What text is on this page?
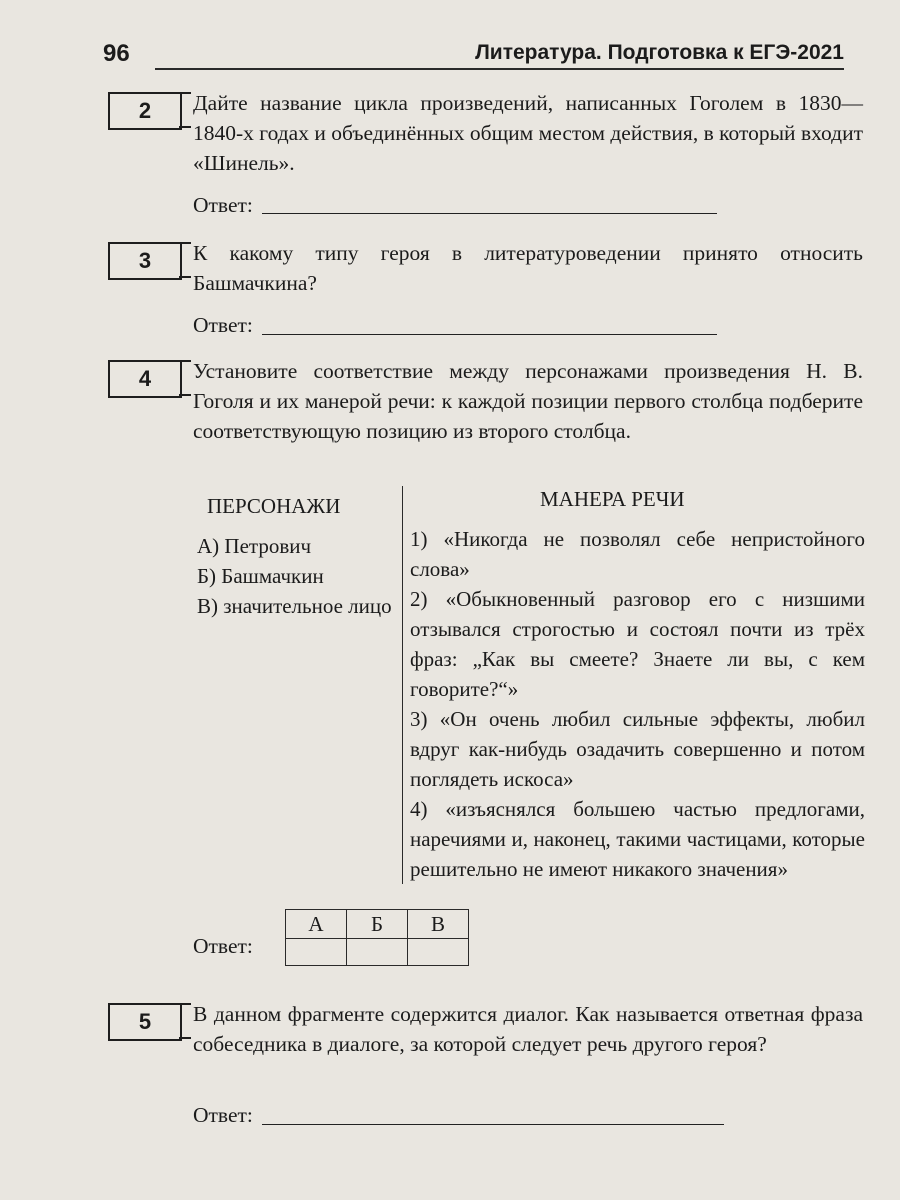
96	Литература. Подготовка к ЕГЭ-2021
2	Дайте название цикла произведений, написанных Гоголем в 1830—1840-х годах и объединённых общим местом действия, в который входит «Шинель».
Ответ:
3	К какому типу героя в литературоведении принято относить Башмачкина?
Ответ:
4	Установите соответствие между персонажами произведения Н. В. Гоголя и их манерой речи: к каждой позиции первого столбца подберите соответствующую позицию из второго столбца.
ПЕРСОНАЖИ	МАНЕРА РЕЧИ
А) Петрович
Б) Башмачкин
В) значительное лицо
1) «Никогда не позволял себе непристойного слова»
2) «Обыкновенный разговор его с низшими отзывался строгостью и состоял почти из трёх фраз: „Как вы смеете? Знаете ли вы, с кем говорите?“»
3) «Он очень любил сильные эффекты, любил вдруг как-нибудь озадачить совершенно и потом поглядеть искоса»
4) «изъяснялся большею частью предлогами, наречиями и, наконец, такими частицами, которые решительно не имеют никакого значения»
Ответ:
А	Б	В

5	В данном фрагменте содержится диалог. Как называется ответная фраза собеседника в диалоге, за которой следует речь другого героя?
Ответ:
